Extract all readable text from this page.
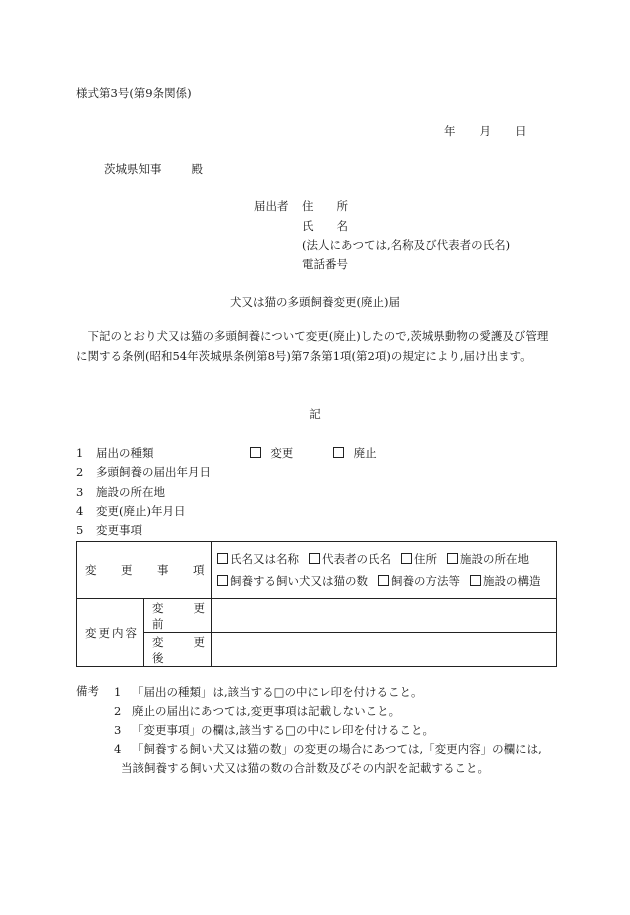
様式第3号(第9条関係)
年 月 日
茨城県知事	殿
届出者 住　　所
氏　　名
(法人にあつては,名称及び代表者の氏名)
電話番号
犬又は猫の多頭飼養変更(廃止)届
下記のとおり犬又は猫の多頭飼養について変更(廃止)したので,茨城県動物の愛護及び管理に関する条例(昭和54年茨城県条例第8号)第7条第1項(第2項)の規定により,届け出ます。
記
1 届出の種類	変更	廃止
2 多頭飼養の届出年月日
3 施設の所在地
4 変更(廃止)年月日
5 変更事項
変　更　事　項		氏名又は名称 代表者の氏名 住所 施設の所在地
飼養する飼い犬又は猫の数 飼養の方法等 施設の構造

変更内容	変　更　前	
	変　更　後	
備考 1 「届出の種類」は,該当する□の中にレ印を付けること。
2 廃止の届出にあつては,変更事項は記載しないこと。
3 「変更事項」の欄は,該当する□の中にレ印を付けること。
4 「飼養する飼い犬又は猫の数」の変更の場合にあつては,「変更内容」の欄には,
当該飼養する飼い犬又は猫の数の合計数及びその内訳を記載すること。
